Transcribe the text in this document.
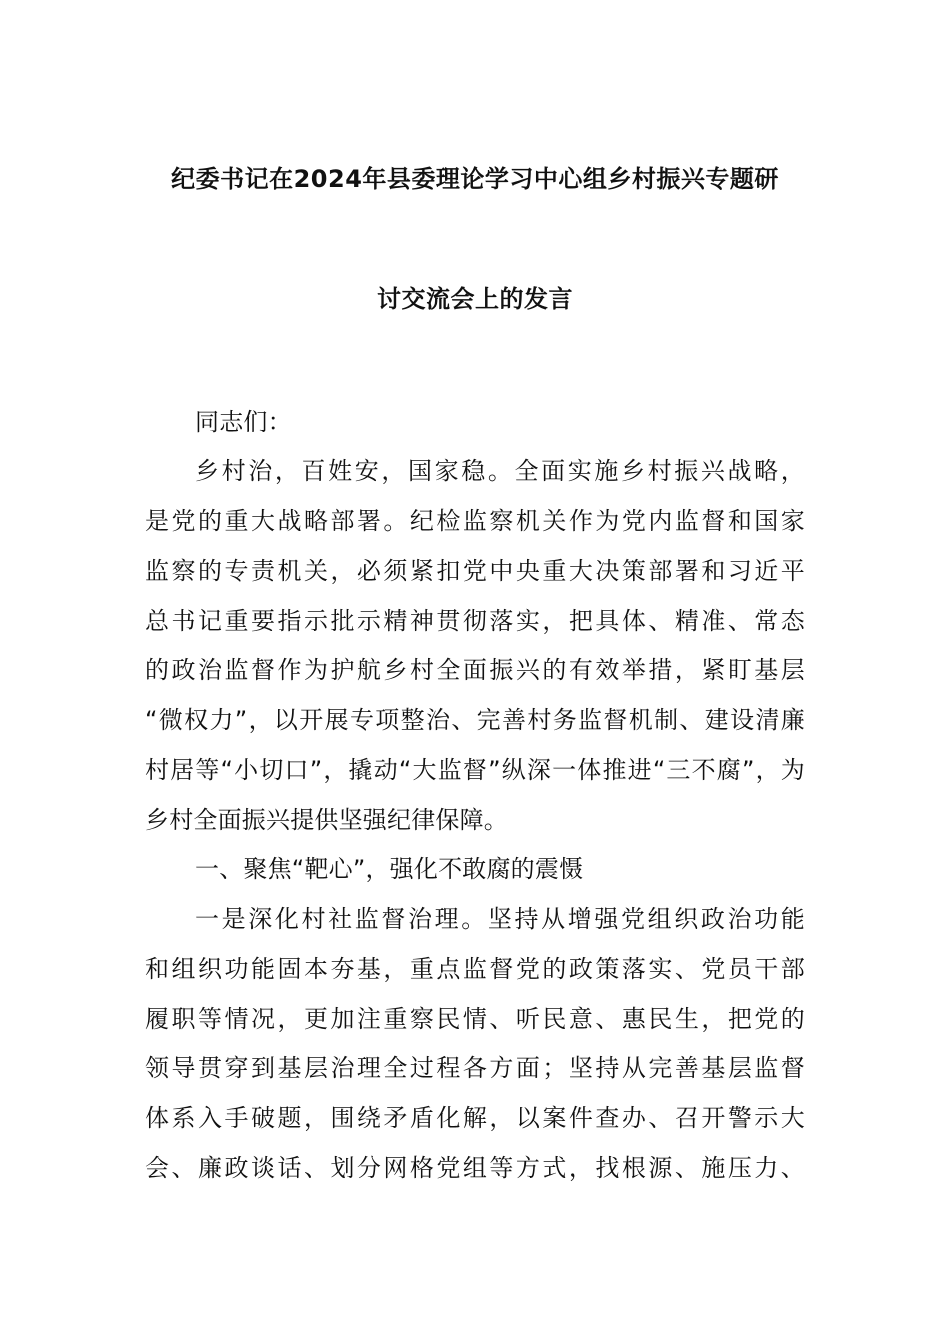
纪委书记在2024年县委理论学习中心组乡村振兴专题研
讨交流会上的发言
同志们：
乡村治，百姓安，国家稳。全面实施乡村振兴战略，
是党的重大战略部署。纪检监察机关作为党内监督和国家
监察的专责机关，必须紧扣党中央重大决策部署和习近平
总书记重要指示批示精神贯彻落实，把具体、精准、常态
的政治监督作为护航乡村全面振兴的有效举措，紧盯基层
“微权力”，以开展专项整治、完善村务监督机制、建设清廉
村居等“小切口”，撬动“大监督”纵深一体推进“三不腐”，为
乡村全面振兴提供坚强纪律保障。
一、聚焦“靶心”，强化不敢腐的震慑
一是深化村社监督治理。坚持从增强党组织政治功能
和组织功能固本夯基，重点监督党的政策落实、党员干部
履职等情况，更加注重察民情、听民意、惠民生，把党的
领导贯穿到基层治理全过程各方面；坚持从完善基层监督
体系入手破题，围绕矛盾化解，以案件查办、召开警示大
会、廉政谈话、划分网格党组等方式，找根源、施压力、
